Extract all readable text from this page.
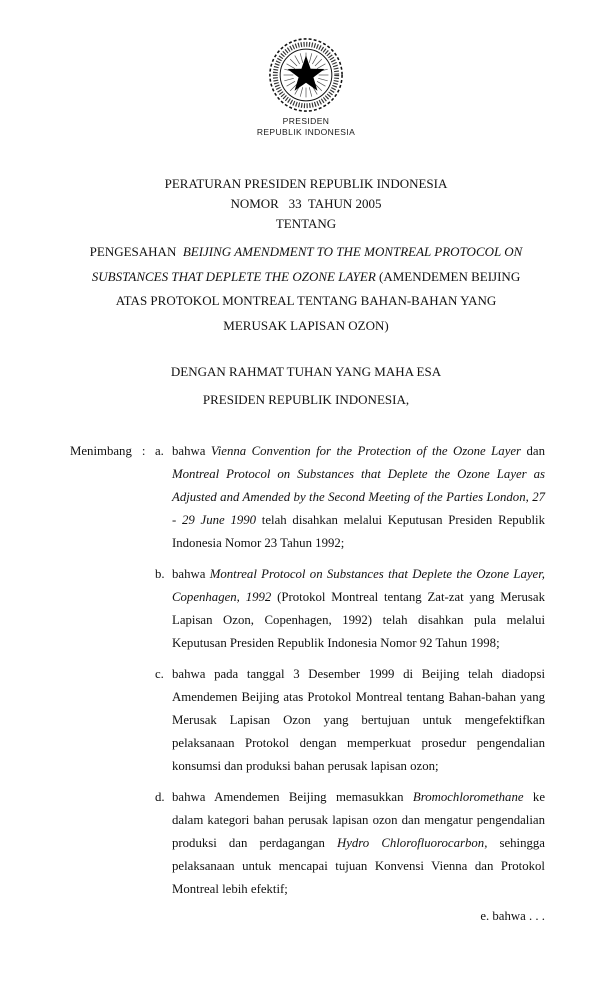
PRESIDEN
REPUBLIK INDONESIA
PERATURAN PRESIDEN REPUBLIK INDONESIA
NOMOR   33  TAHUN 2005
TENTANG
PENGESAHAN  BEIJING AMENDMENT TO THE MONTREAL PROTOCOL ON
SUBSTANCES THAT DEPLETE THE OZONE LAYER (AMENDEMEN BEIJING
ATAS PROTOKOL MONTREAL TENTANG BAHAN-BAHAN YANG
MERUSAK LAPISAN OZON)
DENGAN RAHMAT TUHAN YANG MAHA ESA
PRESIDEN REPUBLIK INDONESIA,
Menimbang : a. bahwa Vienna Convention for the Protection of the Ozone Layer dan Montreal Protocol on Substances that Deplete the Ozone Layer as Adjusted and Amended by the Second Meeting of the Parties London, 27 - 29 June 1990 telah disahkan melalui Keputusan Presiden Republik Indonesia Nomor 23 Tahun 1992;
b. bahwa Montreal Protocol on Substances that Deplete the Ozone Layer, Copenhagen, 1992 (Protokol Montreal tentang Zat-zat yang Merusak Lapisan Ozon, Copenhagen, 1992) telah disahkan pula melalui Keputusan Presiden Republik Indonesia Nomor 92 Tahun 1998;
c. bahwa pada tanggal 3 Desember 1999 di Beijing telah diadopsi Amendemen Beijing atas Protokol Montreal tentang Bahan-bahan yang Merusak Lapisan Ozon yang bertujuan untuk mengefektifkan pelaksanaan Protokol dengan memperkuat prosedur pengendalian konsumsi dan produksi bahan perusak lapisan ozon;
d. bahwa Amendemen Beijing memasukkan Bromochloromethane ke dalam kategori bahan perusak lapisan ozon dan mengatur pengendalian produksi dan perdagangan Hydro Chlorofluorocarbon, sehingga pelaksanaan untuk mencapai tujuan Konvensi Vienna dan Protokol Montreal lebih efektif;
e. bahwa . . .
